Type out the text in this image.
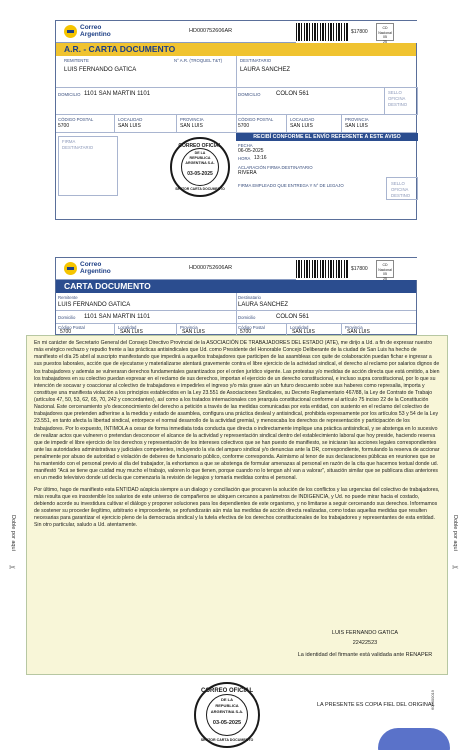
Correo
Argentino	HD000752606AR	$17800
CD
Nacional
05
25
A.R. - CARTA DOCUMENTO
REMITENTE	N° A.R. (TROQUEL T&T)
LUIS FERNANDO GATICA
DESTINATARIO
LAURA SANCHEZ
DOMICILIO 1101 SAN MARTIN 1101	DOMICILIO	COLON 561	SELLO
OFICINA
DESTINO
CÓDIGO POSTAL
5700
LOCALIDAD
SAN LUIS
PROVINCIA
SAN LUIS
CÓDIGO POSTAL
5700
LOCALIDAD
SAN LUIS
PROVINCIA
SAN LUIS
FIRMA
DESTINATARIO
RECIBÍ CONFORME EL ENVÍO REFERENTE A ESTE AVISO
FECHA
06-05-2025
HORA 13:16
ACLARACIÓN FIRMA DESTINATARIO
RIVERA
FIRMA EMPLEADO QUE ENTREGA Y N° DE LEGAJO	SELLO
OFICINA
DESTINO
CORREO OFICIAL
DE LA
REPUBLICA
ARGENTINA S.A.
03-05-2025
SECTOR CARTA DOCUMENTO
Correo
Argentino	HD000752606AR	$17800
CD
Nacional
05
25
CARTA DOCUMENTO
Remitente
LUIS FERNANDO GATICA
Destinatario
LAURA SANCHEZ
Domicilio 1101 SAN MARTIN 1101	Domicilio	COLON 561
Código Postal
5700
Localidad
SAN LUIS
Provincia
SAN LUIS
Código Postal
5700
Localidad
SAN LUIS
Provincia
SAN LUIS

En mi carácter de Secretario General del Consejo Directivo Provincial de la ASOCIACIÓN DE TRABAJADORES DEL ESTADO (ATE), me dirijo a Ud. a fin de expresar nuestro más enérgico rechazo y repudio frente a las prácticas antisindicales que Ud. como Presidente del Honorable Concejo Deliberante de la ciudad de San Luis ha hecho de manifiesto el día 25 abril al suscripto manifestando que impedirá a aquellos trabajadores que participen de las asambleas con quite de colaboración puedan fichar e ingresar a sus puestos laborales, acción que de ejecutarse y materializarse atentará gravemente contra el libre ejercicio de la actividad sindical, el derecho al reclamo por salarios dignos de los trabajadores y además se vulneraran derechos fundamentales garantizados por el orden jurídico vigente. Las protestas y/o medidas de acción directa que está omitido, a bien los trabajadores en su colectivo puedan expresar en el reclamo de sus derechos, importan el ejercicio de un derecho constitucional, e incluso supra constitucional, por lo que su intención de socavar y coaccionar al colectivo de trabajadores e impedirles el ingreso y/o más grave aún un futuro descuento sobre sus haberes como represalia, importa y constituye una manifiesta violación a los principios establecidos en la Ley 23.551 de Asociaciones Sindicales, su Decreto Reglamentario 467/88, la Ley de Contrato de Trabajo (artículos 47, 50, 53, 62, 65, 70, 242 y concordantes), así como a los tratados internacionales con jerarquía constitucional conforme al artículo 75 inciso 22 de la Constitución Nacional. Este cercenamiento y/o desconocimiento del derecho a petición a través de las medidas comunicadas por esta entidad, con sustento en el reclamo del colectivo de trabajadores que pretenden adherirse a la medida y estado de asamblea, configura una práctica desleal y antisindical, prohibida expresamente por los artículos 53 y 54 de la Ley 23.551, en tanto afecta la libertad sindical, entorpece el normal desarrollo de la actividad gremial, y menoscaba los derechos de representación y participación de los trabajadores. Por lo expuesto, INTIMOLA a cesar de forma inmediata toda conducta que directa o indirectamente implique una práctica antisindical, y se abstenga en lo sucesivo de realizar actos que vulneren o pretendan desconocer el alcance de la actividad y representación sindical dentro del establecimiento laboral que hoy preside, haciendo reserva que de impedir el libre ejercicio de los derechos y representación de los intereses colectivos que se han puesto de manifiesto, se iniciaran las acciones legales correspondientes ante las autoridades administrativas y judiciales competentes, incluyendo la vía del amparo sindical y/o denuncias ante la DR, correspondiente, formulando la reserva de accionar penalmente por abuso de autoridad o violación de deberes de funcionario público, conforme corresponda. Asimismo al tenor de sus declaraciones públicas en reuniones que se ha mantenido con el personal previo al día del trabajador, la exhortamos a que se abstenga de formular amenazas al personal en razón de la cita que hacemos textual donde ud. manifestó "Acá se tiene que cuidad muy mucho el trabajo, valoren lo que tienen, porque cuando no lo tengan ahí van a valorar", situación similar que se publicara días anteriores en un medio televisivo donde ud decía que comenzaría la revisión de legajos y tomaría medidas contra el personal.

Por último, hago de manifiesto esta ENTIDAD aúspicia siempre a un dialogo y conciliación que procuren la solución de los conflictos y las urgencias del colectivo de trabajadores, más resulta que es insostenible los salarios de este universo de compañeros se ubiquen cercanos a parámetros de INDIGENCIA, y Ud. no puede mirar hacia el costado, debiendo acorde su investidura cultivar el diálogo y proponer soluciones para los dependientes de este organismo, y no limitarse a seguir cercenando sus derechos. Informamos de sostener su proceder ilegítimo, arbitrario e improcedente, se profundizarán aún más las medidas de acción directa realizadas, como todas aquellas medidas que resulten necesarias para garantizar el ejercicio pleno de la democracia sindical y la tutela efectiva de los derechos constitucionales de los trabajadores y representantes de esta entidad. Sin otro particular, saludo a Ud. atentamente.

LUIS FERNANDO GATICA
22422523
La identidad del firmante está validada ante RENAPER
Doble por aquí
✂
Doble por aquí
✂
600000019
CORREO OFICIAL
DE LA
REPUBLICA
ARGENTINA S.A.
03-05-2025
SECTOR CARTA DOCUMENTO
LA PRESENTE ES COPIA FIEL DEL ORIGINAL
